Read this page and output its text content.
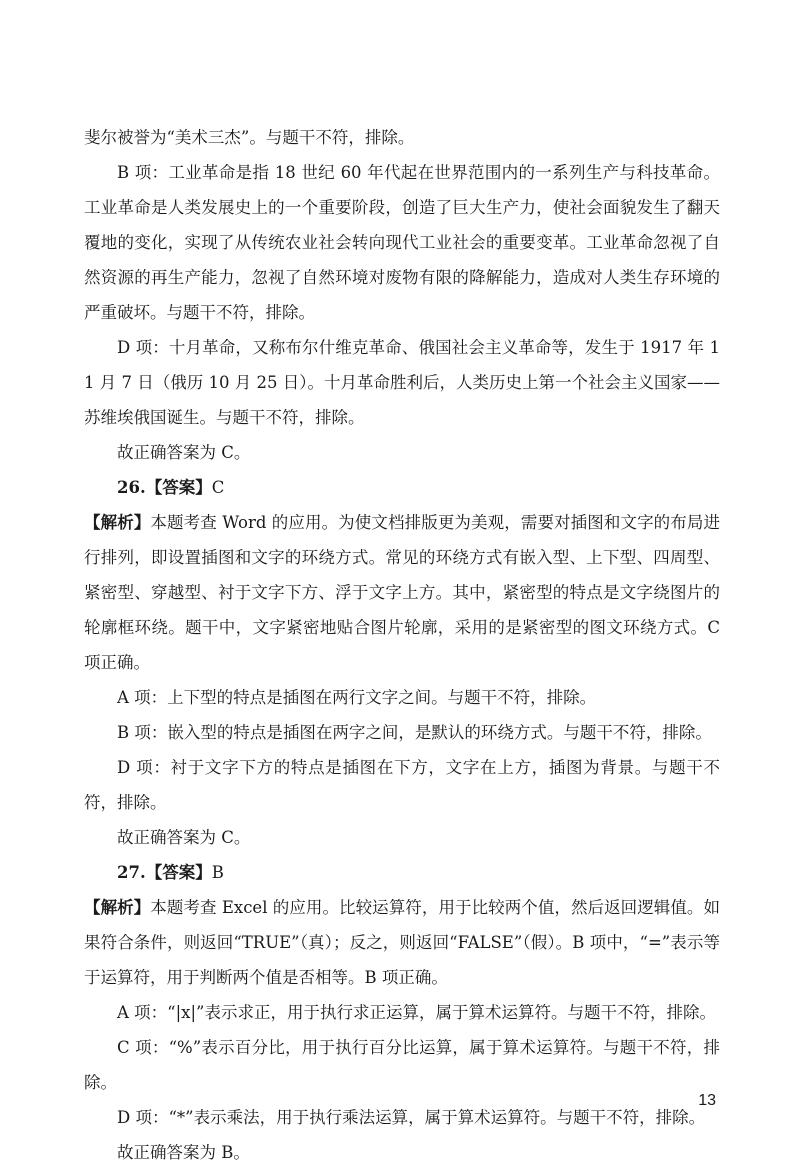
斐尔被誉为“美术三杰”。与题干不符，排除。

B 项：工业革命是指 18 世纪 60 年代起在世界范围内的一系列生产与科技革命。工业革命是人类发展史上的一个重要阶段，创造了巨大生产力，使社会面貌发生了翻天覆地的变化，实现了从传统农业社会转向现代工业社会的重要变革。工业革命忽视了自然资源的再生产能力，忽视了自然环境对废物有限的降解能力，造成对人类生存环境的严重破坏。与题干不符，排除。

D 项：十月革命，又称布尔什维克革命、俄国社会主义革命等，发生于 1917 年 11 月 7 日（俄历 10 月 25 日）。十月革命胜利后，人类历史上第一个社会主义国家——苏维埃俄国诞生。与题干不符，排除。

故正确答案为 C。

26.【答案】C

【解析】本题考查 Word 的应用。为使文档排版更为美观，需要对插图和文字的布局进行排列，即设置插图和文字的环绕方式。常见的环绕方式有嵌入型、上下型、四周型、紧密型、穿越型、衬于文字下方、浮于文字上方。其中，紧密型的特点是文字绕图片的轮廓框环绕。题干中，文字紧密地贴合图片轮廓，采用的是紧密型的图文环绕方式。C 项正确。

A 项：上下型的特点是插图在两行文字之间。与题干不符，排除。

B 项：嵌入型的特点是插图在两字之间，是默认的环绕方式。与题干不符，排除。

D 项：衬于文字下方的特点是插图在下方，文字在上方，插图为背景。与题干不符，排除。

故正确答案为 C。

27.【答案】B

【解析】本题考查 Excel 的应用。比较运算符，用于比较两个值，然后返回逻辑值。如果符合条件，则返回“TRUE”（真）；反之，则返回“FALSE”（假）。B 项中，“=”表示等于运算符，用于判断两个值是否相等。B 项正确。

A 项：“|x|”表示求正，用于执行求正运算，属于算术运算符。与题干不符，排除。

C 项：“%”表示百分比，用于执行百分比运算，属于算术运算符。与题干不符，排除。

D 项：“*”表示乘法，用于执行乘法运算，属于算术运算符。与题干不符，排除。

故正确答案为 B。

13
